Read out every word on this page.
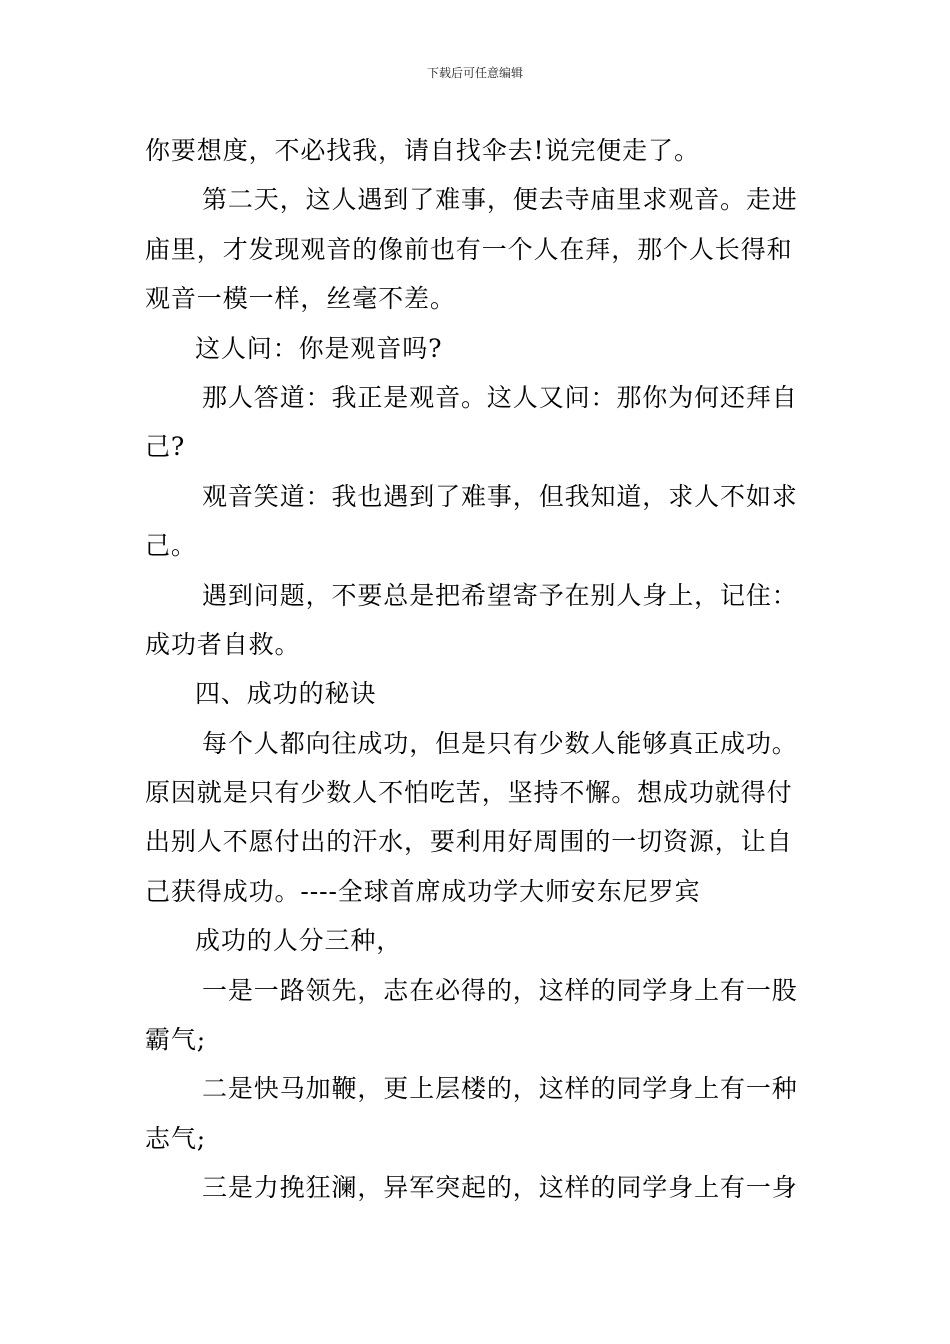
下载后可任意编辑

你要想度，不必找我，请自找伞去!说完便走了。

第二天，这人遇到了难事，便去寺庙里求观音。走进
庙里，才发现观音的像前也有一个人在拜，那个人长得和
观音一模一样，丝毫不差。

这人问：你是观音吗?

那人答道：我正是观音。这人又问：那你为何还拜自
己?

观音笑道：我也遇到了难事，但我知道，求人不如求
己。

遇到问题，不要总是把希望寄予在别人身上，记住：
成功者自救。

四、成功的秘诀

每个人都向往成功，但是只有少数人能够真正成功。
原因就是只有少数人不怕吃苦，坚持不懈。想成功就得付
出别人不愿付出的汗水，要利用好周围的一切资源，让自
己获得成功。----全球首席成功学大师安东尼罗宾

成功的人分三种，

一是一路领先，志在必得的，这样的同学身上有一股
霸气;

二是快马加鞭，更上层楼的，这样的同学身上有一种
志气;

三是力挽狂澜，异军突起的，这样的同学身上有一身
